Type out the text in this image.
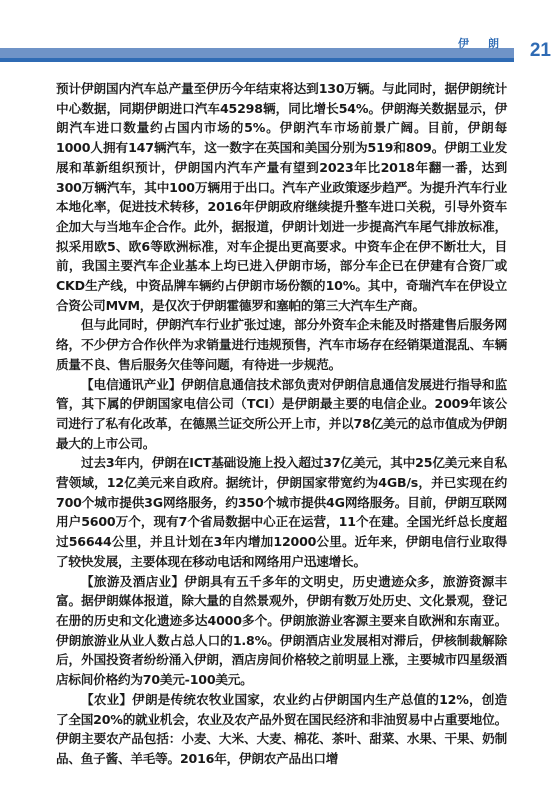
伊　朗 21

预计伊朗国内汽车总产量至伊历今年结束将达到130万辆。与此同时，据伊朗统计中心数据，同期伊朗进口汽车45298辆，同比增长54%。伊朗海关数据显示，伊朗汽车进口数量约占国内市场的5%。伊朗汽车市场前景广阔。目前，伊朗每1000人拥有147辆汽车，这一数字在英国和美国分别为519和809。伊朗工业发展和革新组织预计，伊朗国内汽车产量有望到2023年比2018年翻一番，达到300万辆汽车，其中100万辆用于出口。汽车产业政策逐步趋严。为提升汽车行业本地化率，促进技术转移，2016年伊朗政府继续提升整车进口关税，引导外资车企加大与当地车企合作。此外，据报道，伊朗计划进一步提高汽车尾气排放标准，拟采用欧5、欧6等欧洲标准，对车企提出更高要求。中资车企在伊不断壮大，目前，我国主要汽车企业基本上均已进入伊朗市场，部分车企已在伊建有合资厂或CKD生产线，中资品牌车辆约占伊朗市场份额的10%。其中，奇瑞汽车在伊设立合资公司MVM，是仅次于伊朗霍德罗和塞帕的第三大汽车生产商。

但与此同时，伊朗汽车行业扩张过速，部分外资车企未能及时搭建售后服务网络，不少伊方合作伙伴为求销量进行违规预售，汽车市场存在经销渠道混乱、车辆质量不良、售后服务欠佳等问题，有待进一步规范。

【电信通讯产业】伊朗信息通信技术部负责对伊朗信息通信发展进行指导和监管，其下属的伊朗国家电信公司（TCI）是伊朗最主要的电信企业。2009年该公司进行了私有化改革，在德黑兰证交所公开上市，并以78亿美元的总市值成为伊朗最大的上市公司。

过去3年内，伊朗在ICT基础设施上投入超过37亿美元，其中25亿美元来自私营领域，12亿美元来自政府。据统计，伊朗国家带宽约为4GB/s，并已实现在约700个城市提供3G网络服务，约350个城市提供4G网络服务。目前，伊朗互联网用户5600万个，现有7个省局数据中心正在运营，11个在建。全国光纤总长度超过56644公里，并且计划在3年内增加12000公里。近年来，伊朗电信行业取得了较快发展，主要体现在移动电话和网络用户迅速增长。

【旅游及酒店业】伊朗具有五千多年的文明史，历史遗迹众多，旅游资源丰富。据伊朗媒体报道，除大量的自然景观外，伊朗有数万处历史、文化景观，登记在册的历史和文化遗迹多达4000多个。伊朗旅游业客源主要来自欧洲和东南亚。伊朗旅游业从业人数占总人口的1.8%。伊朗酒店业发展相对滞后，伊核制裁解除后，外国投资者纷纷涌入伊朗，酒店房间价格较之前明显上涨，主要城市四星级酒店标间价格约为70美元-100美元。

【农业】伊朗是传统农牧业国家，农业约占伊朗国内生产总值的12%，创造了全国20%的就业机会，农业及农产品外贸在国民经济和非油贸易中占重要地位。伊朗主要农产品包括：小麦、大米、大麦、棉花、茶叶、甜菜、水果、干果、奶制品、鱼子酱、羊毛等。2016年，伊朗农产品出口增
